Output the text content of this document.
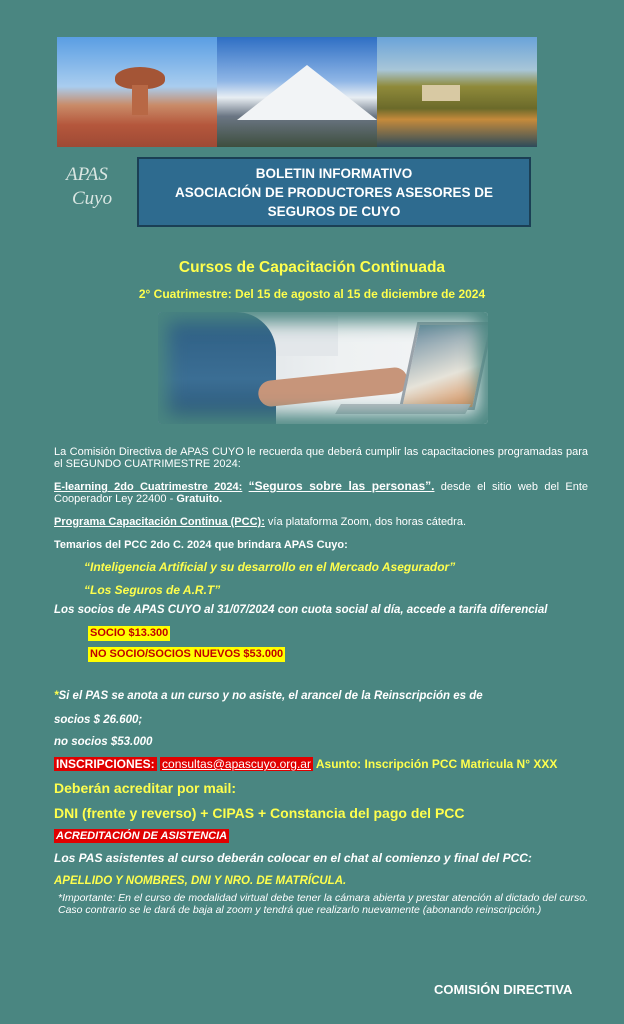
APAS
Cuyo
BOLETIN INFORMATIVO
ASOCIACIÓN DE PRODUCTORES ASESORES DE
SEGUROS DE CUYO
Cursos de Capacitación Continuada
2° Cuatrimestre: Del 15 de agosto al 15 de diciembre de 2024
La Comisión Directiva de APAS CUYO le recuerda que deberá cumplir las capacitaciones programadas para el SEGUNDO CUATRIMESTRE 2024:
E-learning 2do Cuatrimestre 2024: “Seguros sobre las personas”. desde el sitio web del Ente Cooperador Ley 22400 - Gratuito.
Programa Capacitación Continua (PCC): vía plataforma Zoom, dos horas cátedra.
Temarios del PCC 2do C. 2024 que brindara APAS Cuyo:
“Inteligencia Artificial y su desarrollo en el Mercado Asegurador”
“Los Seguros de A.R.T”
Los socios de APAS CUYO al 31/07/2024 con cuota social al día, accede a tarifa diferencial
SOCIO $13.300
NO SOCIO/SOCIOS NUEVOS $53.000
*Si el PAS se anota a un curso y no asiste, el arancel de la Reinscripción es de
socios $ 26.600;
no socios $53.000
INSCRIPCIONES: consultas@apascuyo.org.ar Asunto: Inscripción PCC Matricula N° XXX
Deberán acreditar por mail:
DNI (frente y reverso) + CIPAS + Constancia del pago del PCC
ACREDITACIÓN DE ASISTENCIA
Los PAS asistentes al curso deberán colocar en el chat al comienzo y final del PCC:
APELLIDO Y NOMBRES, DNI Y NRO. DE MATRÍCULA.
*Importante: En el curso de modalidad virtual debe tener la cámara abierta y prestar atención al dictado del curso. Caso contrario se le dará de baja al zoom y tendrá que realizarlo nuevamente (abonando reinscripción.)
COMISIÓN DIRECTIVA
